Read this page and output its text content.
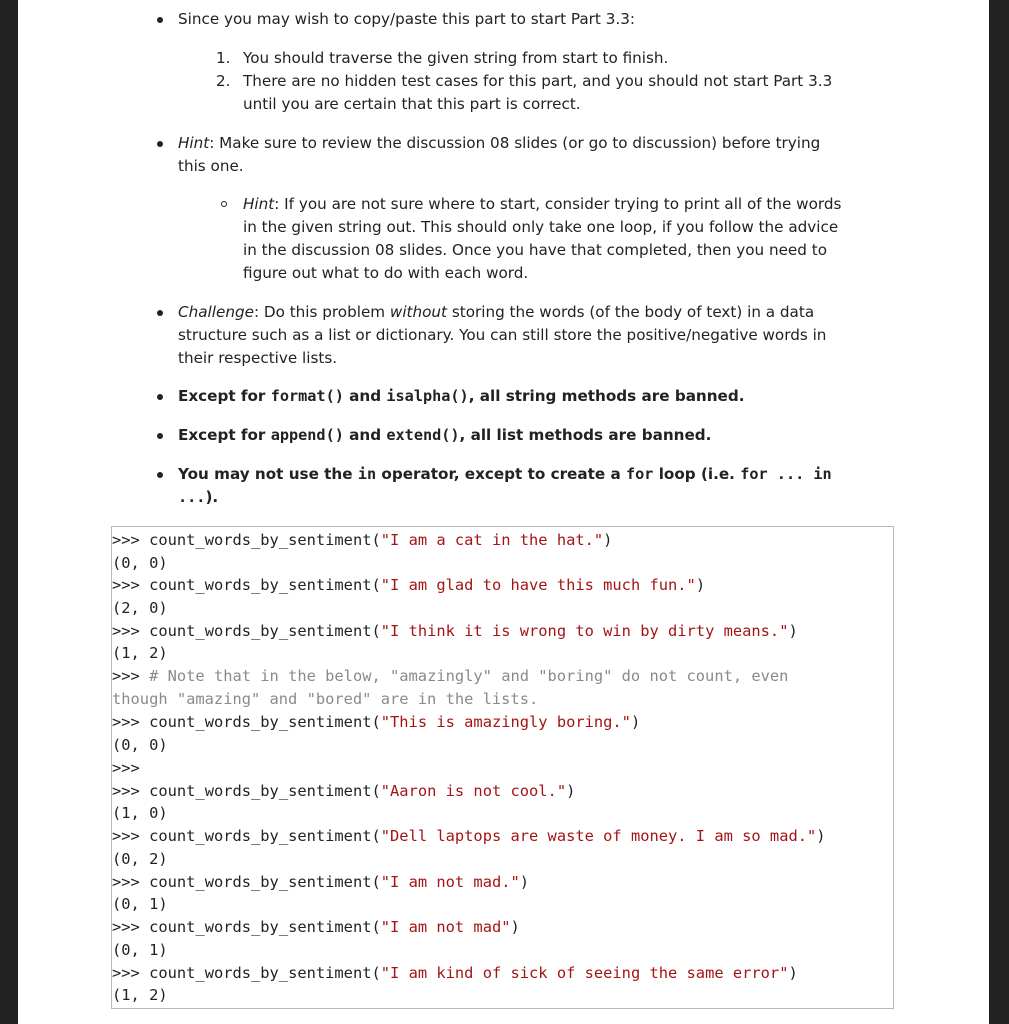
Since you may wish to copy/paste this part to start Part 3.3:
1. You should traverse the given string from start to finish.
2. There are no hidden test cases for this part, and you should not start Part 3.3
until you are certain that this part is correct.
Hint: Make sure to review the discussion 08 slides (or go to discussion) before trying
this one.
Hint: If you are not sure where to start, consider trying to print all of the words
in the given string out. This should only take one loop, if you follow the advice
in the discussion 08 slides. Once you have that completed, then you need to
figure out what to do with each word.
Challenge: Do this problem without storing the words (of the body of text) in a data
structure such as a list or dictionary. You can still store the positive/negative words in
their respective lists.
Except for format() and isalpha(), all string methods are banned.
Except for append() and extend(), all list methods are banned.
You may not use the in operator, except to create a for loop (i.e. for ... in
...).
>>> count_words_by_sentiment("I am a cat in the hat.")
(0, 0)
>>> count_words_by_sentiment("I am glad to have this much fun.")
(2, 0)
>>> count_words_by_sentiment("I think it is wrong to win by dirty means.")
(1, 2)
>>> # Note that in the below, "amazingly" and "boring" do not count, even
though "amazing" and "bored" are in the lists.
>>> count_words_by_sentiment("This is amazingly boring.")
(0, 0)
>>>
>>> count_words_by_sentiment("Aaron is not cool.")
(1, 0)
>>> count_words_by_sentiment("Dell laptops are waste of money. I am so mad.")
(0, 2)
>>> count_words_by_sentiment("I am not mad.")
(0, 1)
>>> count_words_by_sentiment("I am not mad")
(0, 1)
>>> count_words_by_sentiment("I am kind of sick of seeing the same error")
(1, 2)
